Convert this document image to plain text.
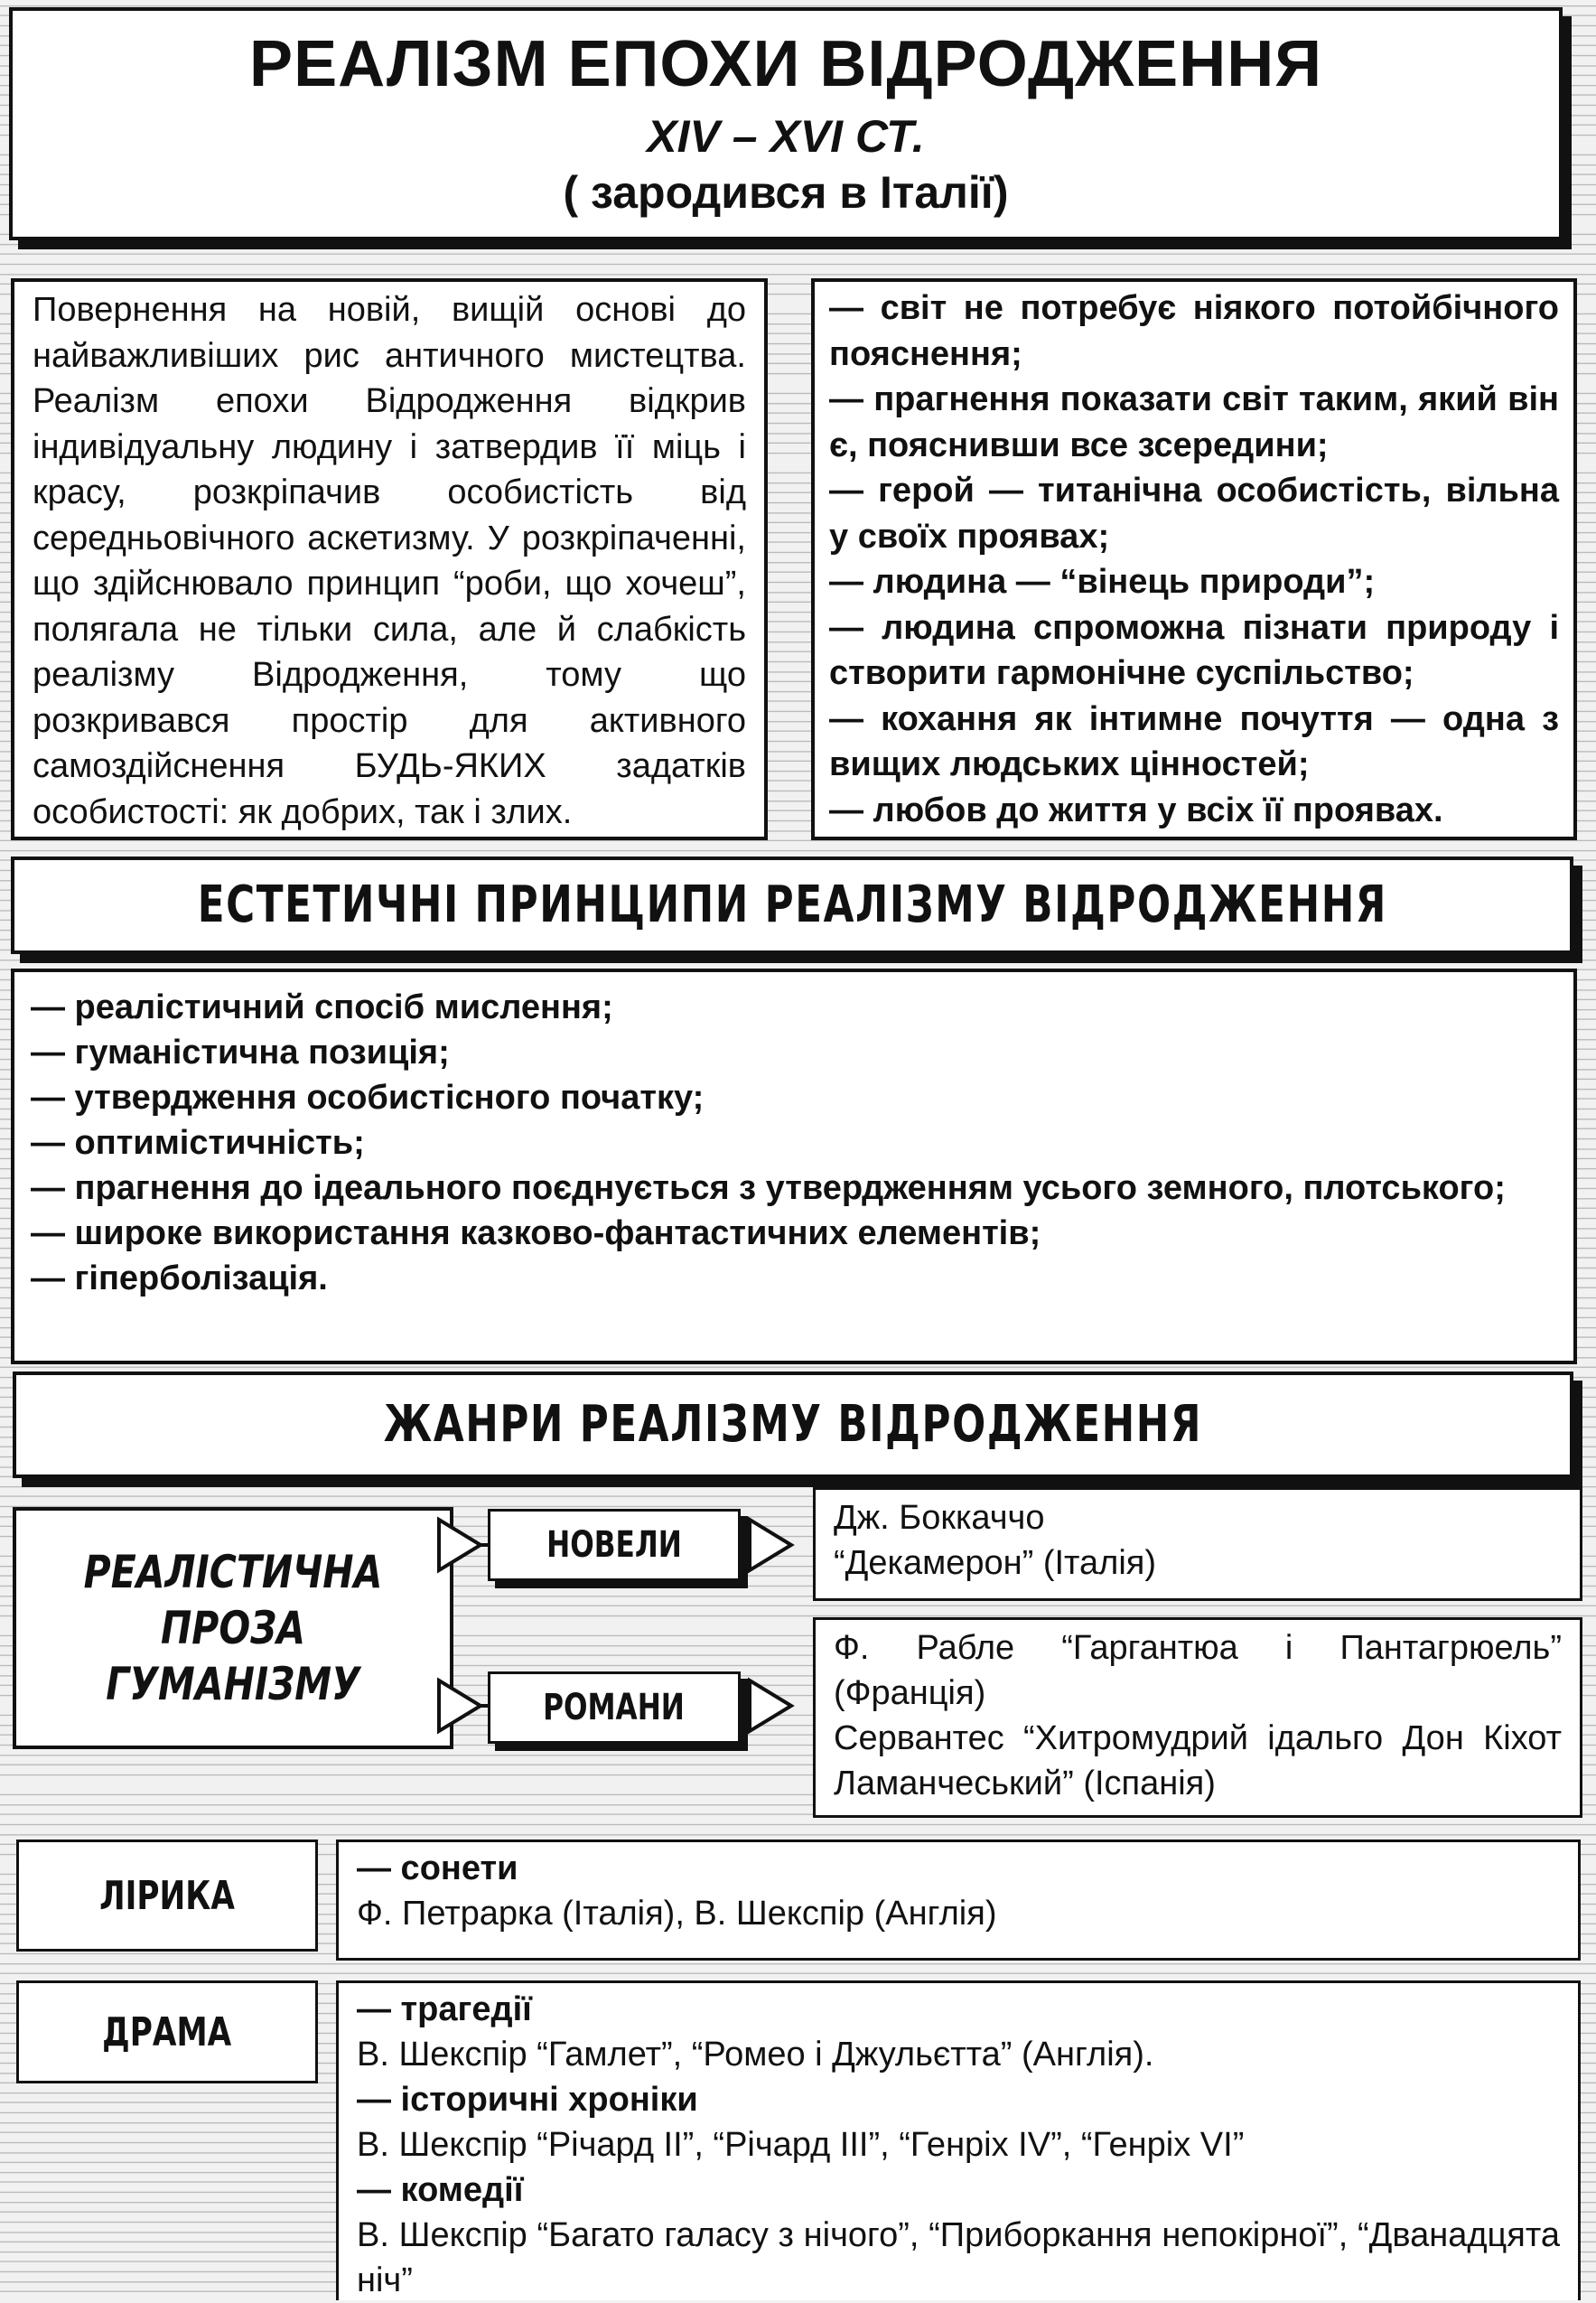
РЕАЛІЗМ ЕПОХИ ВІДРОДЖЕННЯ
XIV – XVI СТ.
( зародився в Італії)

Повернення на новій, вищій основі до найважливіших рис античного мистецтва. Реалізм епохи Відродження відкрив індивідуальну людину і затвердив її міць і красу, розкріпачив особистість від середньовічного аскетизму. У розкріпаченні, що здійснювало принцип “роби, що хочеш”, полягала не тільки сила, але й слабкість реалізму Відродження, тому що розкривався простір для активного самоздійснення БУДЬ-ЯКИХ задатків особистості: як добрих, так і злих.

— світ не потребує ніякого потойбічного пояснення;
— прагнення показати світ таким, який він є, пояснивши все зсередини;
— герой — титанічна особистість, вільна у своїх проявах;
— людина — “вінець природи”;
— людина спроможна пізнати природу і створити гармонічне суспільство;
— кохання як інтимне почуття — одна з вищих людських цінностей;
— любов до життя у всіх її проявах.
ЕСТЕТИЧНІ ПРИНЦИПИ РЕАЛІЗМУ ВІДРОДЖЕННЯ
— реалістичний спосіб мислення;
— гуманістична позиція;
— утвердження особистісного початку;
— оптимістичність;
— прагнення до ідеального поєднується з утвердженням усього земного, плотського;
— широке використання казково-фантастичних елементів;
— гіперболізація.
ЖАНРИ РЕАЛІЗМУ ВІДРОДЖЕННЯ
РЕАЛІСТИЧНА
ПРОЗА ГУМАНІЗМУ
НОВЕЛИ
РОМАНИ
Дж. Боккаччо
“Декамерон” (Італія)
Ф. Рабле “Гаргантюа і Пантагрюель” (Франція)
Сервантес “Хитромудрий ідальго Дон Кіхот Ламанчеський” (Іспанія)
ЛІРИКА
— сонети
Ф. Петрарка (Італія), В. Шекспір (Англія)
ДРАМА	— трагедії
В. Шекспір “Гамлет”, “Ромео і Джульєтта” (Англія).
— історичні хроніки
В. Шекспір “Річард ІІ”, “Річард ІІІ”, “Генріх IV”, “Генріх VI”
— комедії
В. Шекспір “Багато галасу з нічого”, “Приборкання непокірної”, “Дванадцята ніч”
